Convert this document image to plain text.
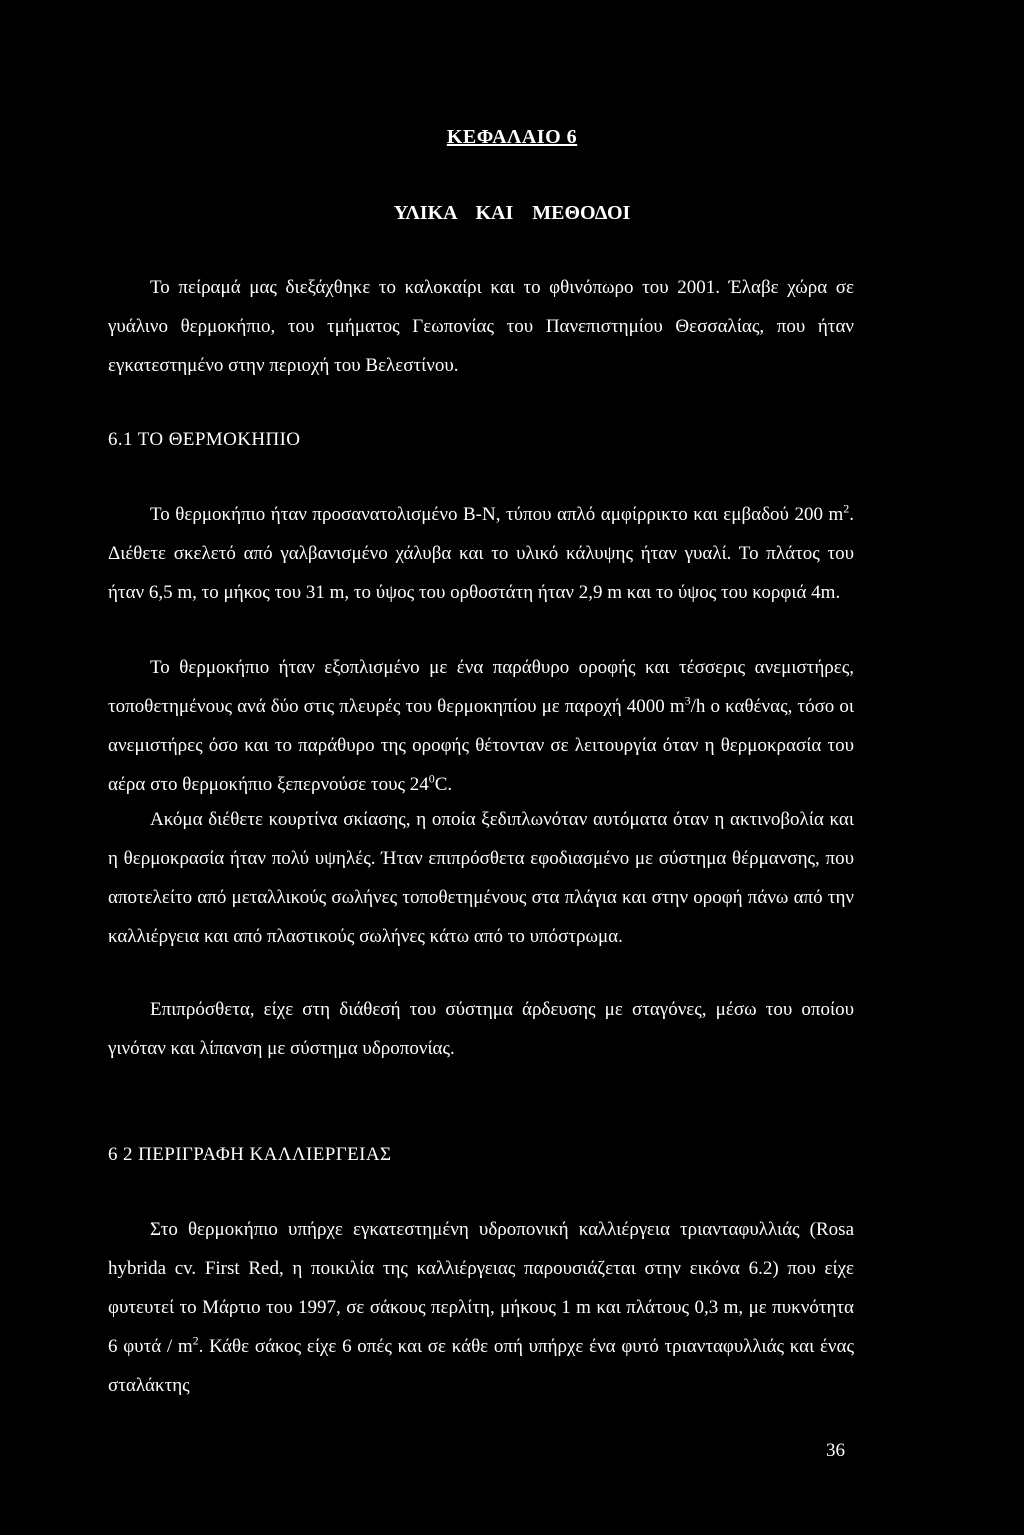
ΚΕΦΑΛΑΙΟ 6
ΥΛΙΚΑ ΚΑΙ ΜΕΘΟΔΟΙ

Το πείραμά μας διεξάχθηκε το καλοκαίρι και το φθινόπωρο του 2001. Έλαβε χώρα σε γυάλινο θερμοκήπιο, του τμήματος Γεωπονίας του Πανεπιστημίου Θεσσαλίας, που ήταν εγκατεστημένο στην περιοχή του Βελεστίνου.

6.1 ΤΟ ΘΕΡΜΟΚΗΠΙΟ

Το θερμοκήπιο ήταν προσανατολισμένο Β-Ν, τύπου απλό αμφίρρικτο και εμβαδού 200 $m^2$. Διέθετε σκελετό από γαλβανισμένο χάλυβα και το υλικό κάλυψης ήταν γυαλί. Το πλάτος του ήταν 6,5 m, το μήκος του 31 m, το ύψος του ορθοστάτη ήταν 2,9 m και το ύψος του κορφιά 4m.

Το θερμοκήπιο ήταν εξοπλισμένο με ένα παράθυρο οροφής και τέσσερις ανεμιστήρες, τοποθετημένους ανά δύο στις πλευρές του θερμοκηπίου με παροχή 4000 $m^3/h$ ο καθένας, τόσο οι ανεμιστήρες όσο και το παράθυρο της οροφής θέτονταν σε λειτουργία όταν η θερμοκρασία του αέρα στο θερμοκήπιο ξεπερνούσε τους $24^0C$.

Ακόμα διέθετε κουρτίνα σκίασης, η οποία ξεδιπλωνόταν αυτόματα όταν η ακτινοβολία και η θερμοκρασία ήταν πολύ υψηλές. Ήταν επιπρόσθετα εφοδιασμένο με σύστημα θέρμανσης, που αποτελείτο από μεταλλικούς σωλήνες τοποθετημένους στα πλάγια και στην οροφή πάνω από την καλλιέργεια και από πλαστικούς σωλήνες κάτω από το υπόστρωμα.

Επιπρόσθετα, είχε στη διάθεσή του σύστημα άρδευσης με σταγόνες, μέσω του οποίου γινόταν και λίπανση με σύστημα υδροπονίας.

6 2 ΠΕΡΙΓΡΑΦΗ ΚΑΛΛΙΕΡΓΕΙΑΣ

Στο θερμοκήπιο υπήρχε εγκατεστημένη υδροπονική καλλιέργεια τριανταφυλλιάς (Rosa hybrida cv. First Red, η ποικιλία της καλλιέργειας παρουσιάζεται στην εικόνα 6.2) που είχε φυτευτεί το Μάρτιο του 1997, σε σάκους περλίτη, μήκους 1 m και πλάτους 0,3 m, με πυκνότητα 6 φυτά / $m^2$. Κάθε σάκος είχε 6 οπές και σε κάθε οπή υπήρχε ένα φυτό τριανταφυλλιάς και ένας σταλάκτης

36
